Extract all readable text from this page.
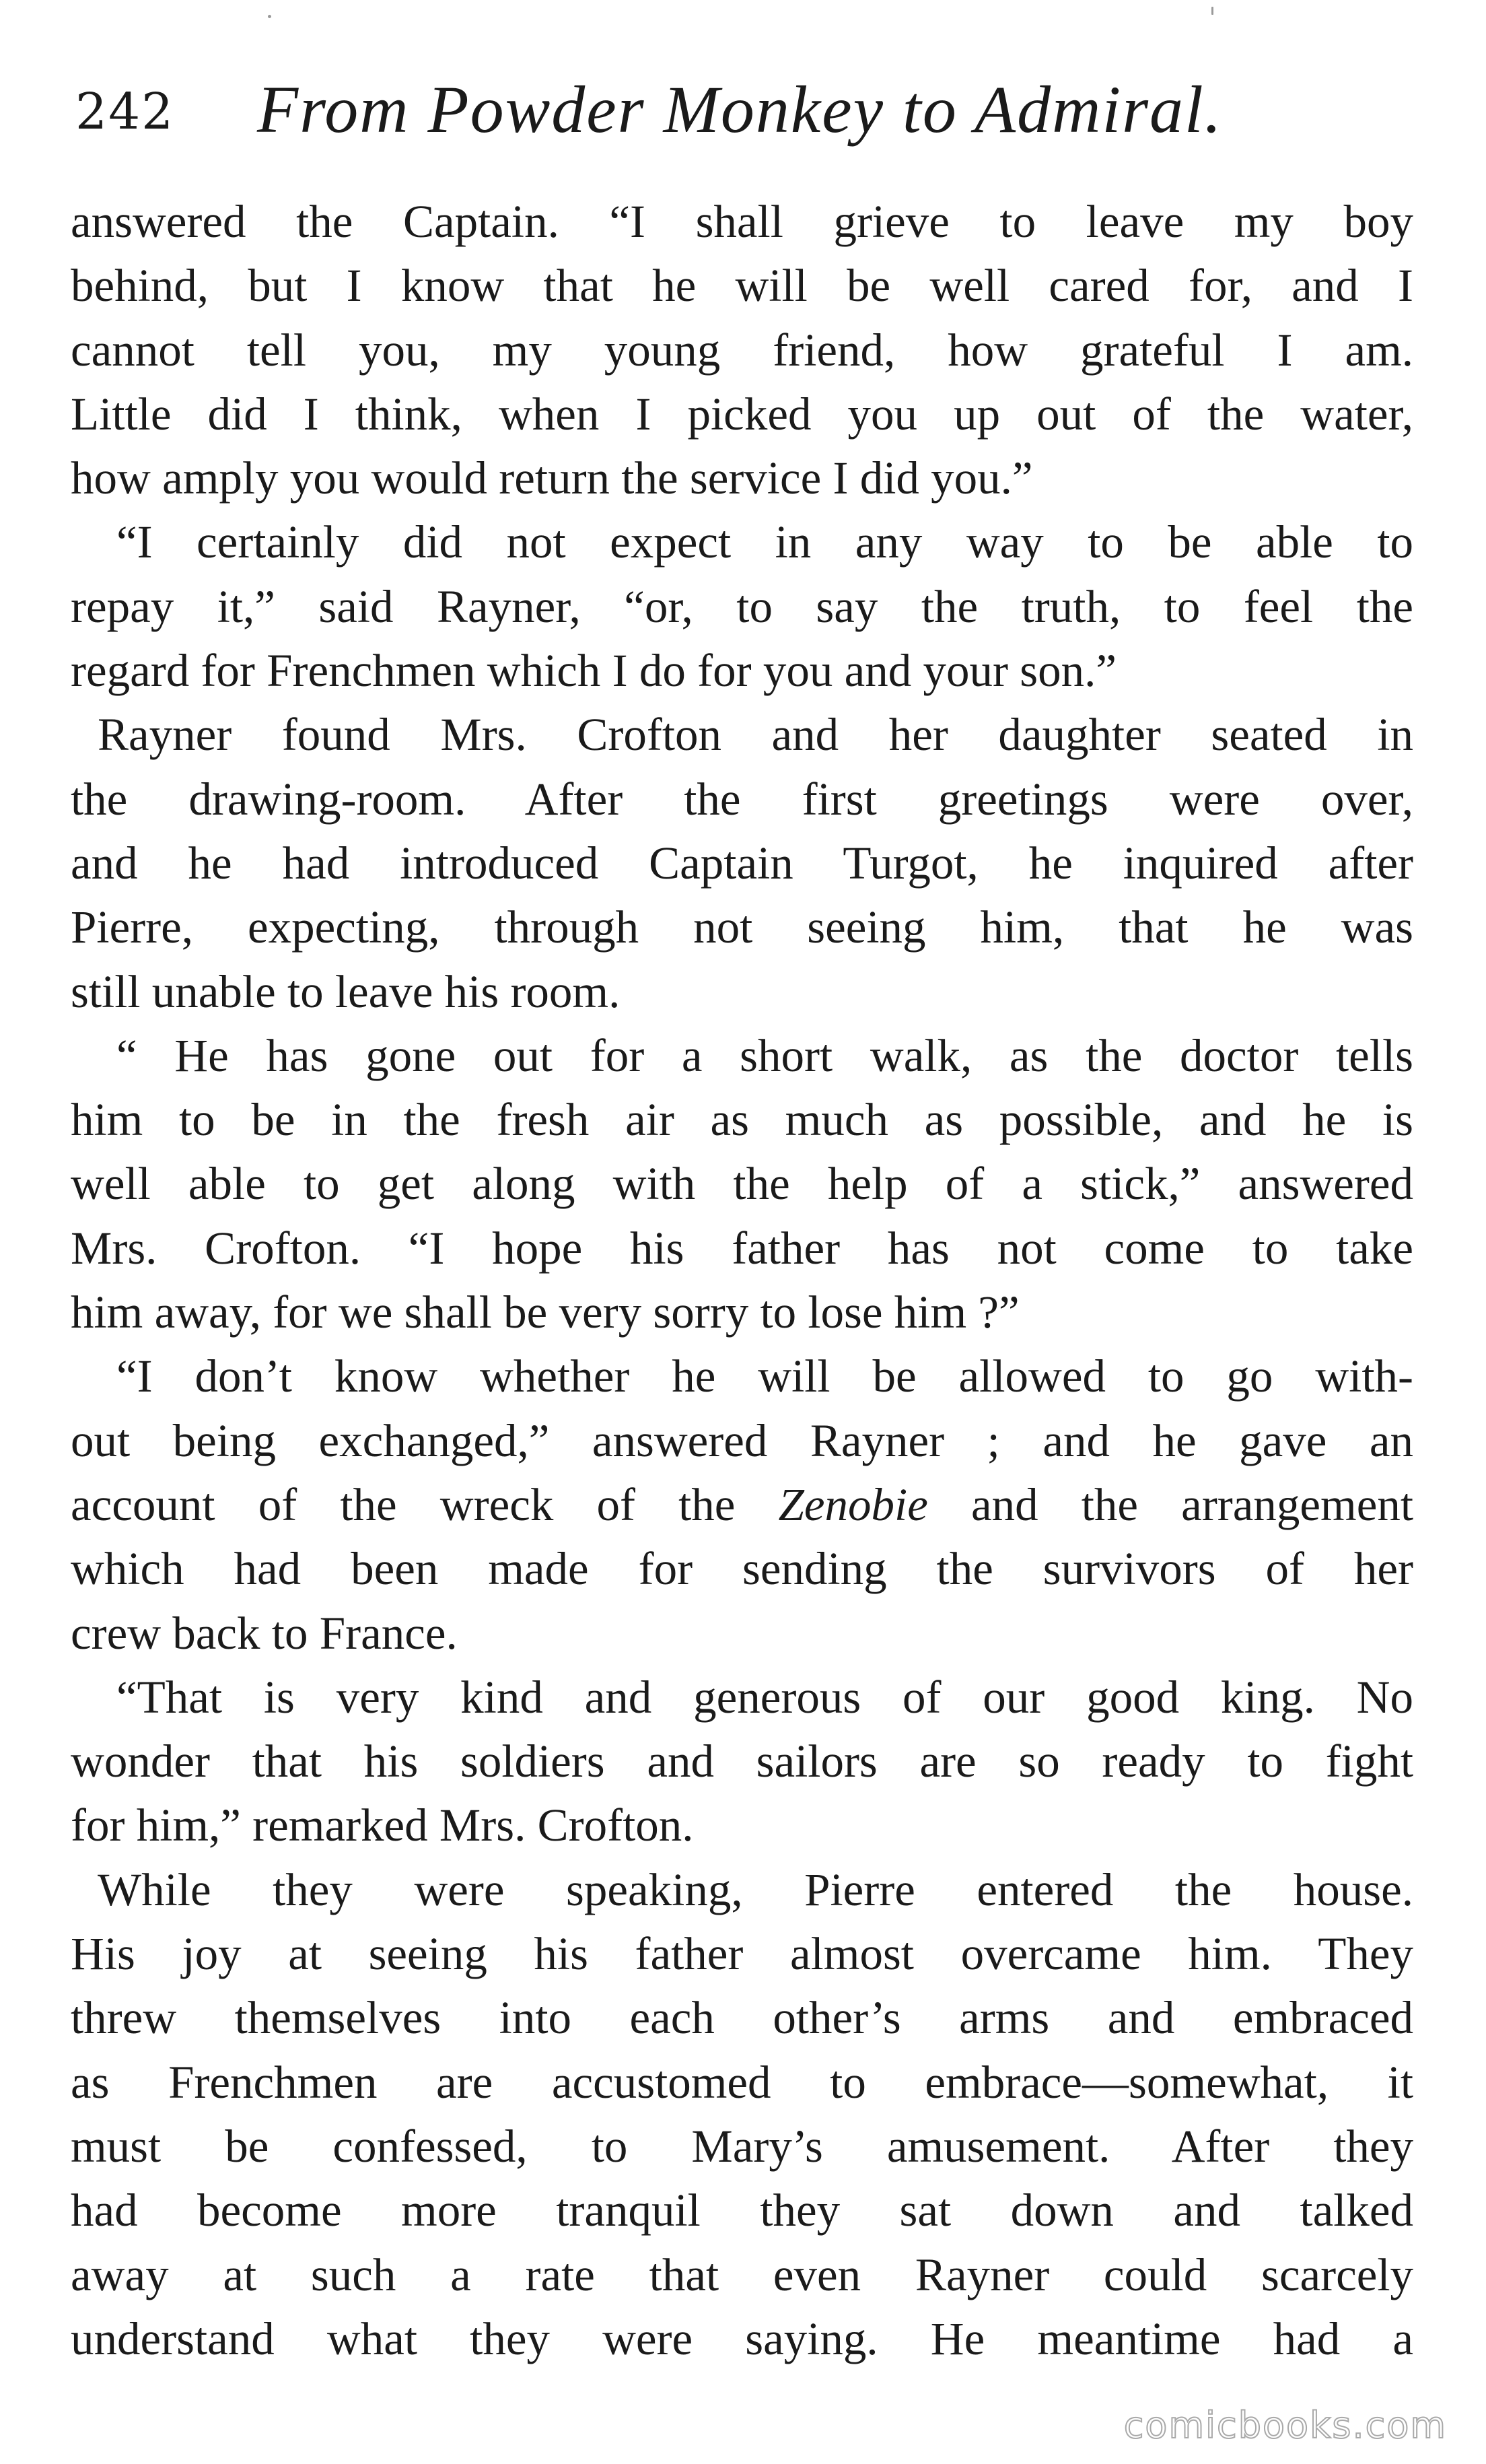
242 From Powder Monkey to Admiral.
answered the Captain. “I shall grieve to leave my boy
behind, but I know that he will be well cared for, and I
cannot tell you, my young friend, how grateful I am.
Little did I think, when I picked you up out of the water,
how amply you would return the service I did you.”
“I certainly did not expect in any way to be able to
repay it,” said Rayner, “or, to say the truth, to feel the
regard for Frenchmen which I do for you and your son.”
Rayner found Mrs. Crofton and her daughter seated in
the drawing-room. After the first greetings were over,
and he had introduced Captain Turgot, he inquired after
Pierre, expecting, through not seeing him, that he was
still unable to leave his room.
“ He has gone out for a short walk, as the doctor tells
him to be in the fresh air as much as possible, and he is
well able to get along with the help of a stick,” answered
Mrs. Crofton. “I hope his father has not come to take
him away, for we shall be very sorry to lose him ?”
“I don’t know whether he will be allowed to go with-
out being exchanged,” answered Rayner ; and he gave an
account of the wreck of the Zenobie and the arrangement
which had been made for sending the survivors of her
crew back to France.
“That is very kind and generous of our good king. No
wonder that his soldiers and sailors are so ready to fight
for him,” remarked Mrs. Crofton.
While they were speaking, Pierre entered the house.
His joy at seeing his father almost overcame him. They
threw themselves into each other’s arms and embraced
as Frenchmen are accustomed to embrace—somewhat, it
must be confessed, to Mary’s amusement. After they
had become more tranquil they sat down and talked
away at such a rate that even Rayner could scarcely
understand what they were saying. He meantime had a
comicbooks.com
